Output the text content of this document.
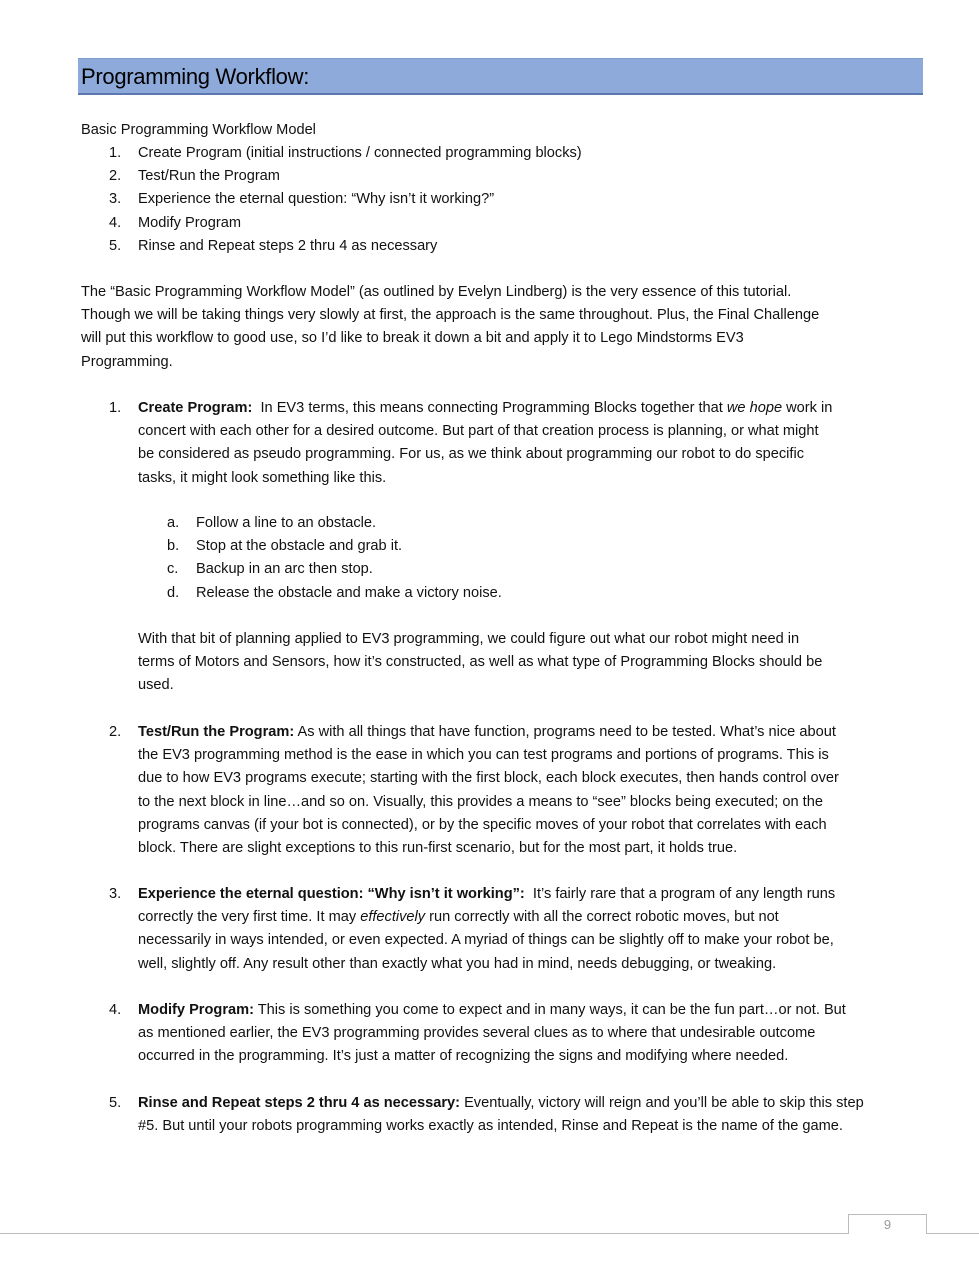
Programming Workflow:
Basic Programming Workflow Model
1. Create Program (initial instructions / connected programming blocks)
2. Test/Run the Program
3. Experience the eternal question: “Why isn’t it working?”
4. Modify Program
5. Rinse and Repeat steps 2 thru 4 as necessary
The “Basic Programming Workflow Model” (as outlined by Evelyn Lindberg) is the very essence of this tutorial.
Though we will be taking things very slowly at first, the approach is the same throughout. Plus, the Final Challenge
will put this workflow to good use, so I’d like to break it down a bit and apply it to Lego Mindstorms EV3
Programming.
1. Create Program: In EV3 terms, this means connecting Programming Blocks together that we hope work in
concert with each other for a desired outcome. But part of that creation process is planning, or what might
be considered as pseudo programming. For us, as we think about programming our robot to do specific
tasks, it might look something like this.
a. Follow a line to an obstacle.
b. Stop at the obstacle and grab it.
c. Backup in an arc then stop.
d. Release the obstacle and make a victory noise.
With that bit of planning applied to EV3 programming, we could figure out what our robot might need in
terms of Motors and Sensors, how it’s constructed, as well as what type of Programming Blocks should be
used.
2. Test/Run the Program: As with all things that have function, programs need to be tested. What’s nice about
the EV3 programming method is the ease in which you can test programs and portions of programs. This is
due to how EV3 programs execute; starting with the first block, each block executes, then hands control over
to the next block in line…and so on. Visually, this provides a means to “see” blocks being executed; on the
programs canvas (if your bot is connected), or by the specific moves of your robot that correlates with each
block. There are slight exceptions to this run-first scenario, but for the most part, it holds true.
3. Experience the eternal question: “Why isn’t it working”: It’s fairly rare that a program of any length runs
correctly the very first time. It may effectively run correctly with all the correct robotic moves, but not
necessarily in ways intended, or even expected. A myriad of things can be slightly off to make your robot be,
well, slightly off. Any result other than exactly what you had in mind, needs debugging, or tweaking.
4. Modify Program: This is something you come to expect and in many ways, it can be the fun part…or not. But
as mentioned earlier, the EV3 programming provides several clues as to where that undesirable outcome
occurred in the programming. It’s just a matter of recognizing the signs and modifying where needed.
5. Rinse and Repeat steps 2 thru 4 as necessary: Eventually, victory will reign and you’ll be able to skip this step
#5. But until your robots programming works exactly as intended, Rinse and Repeat is the name of the game.
9
